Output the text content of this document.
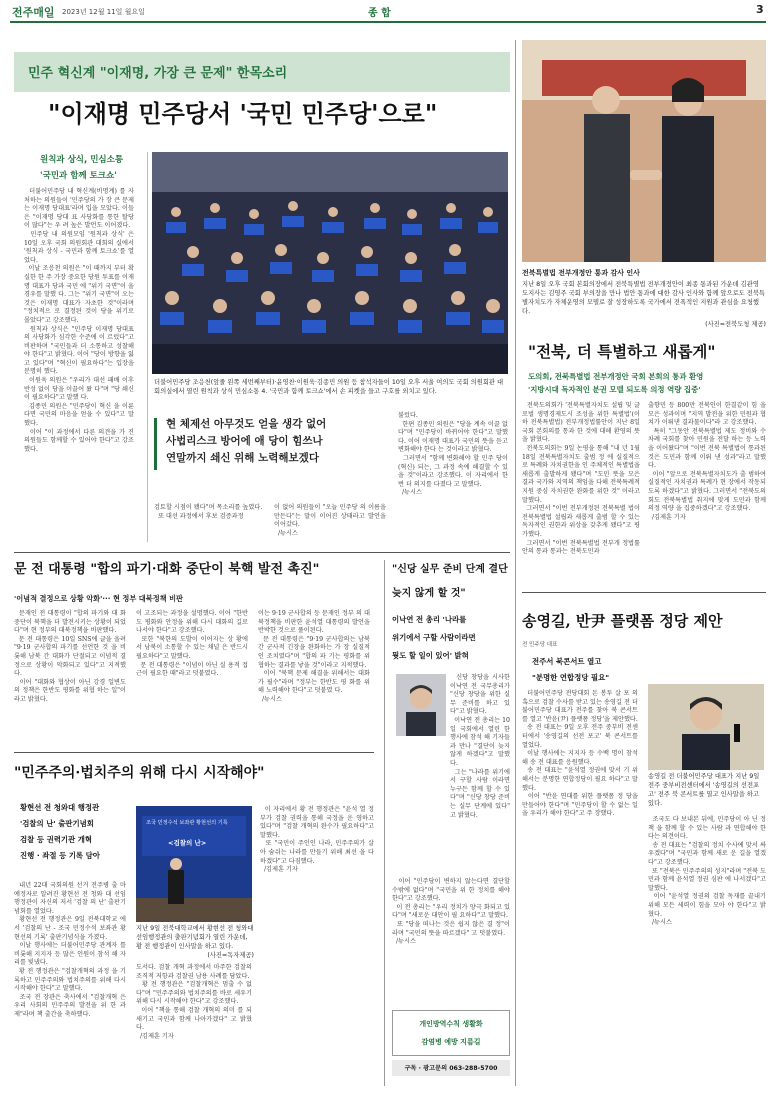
전주매일 2023년 12월 11일 월요일	종 합	3
민주 혁신계 "이재명, 가장 큰 문제" 한목소리
"이재명 민주당서 '국민 민주당'으로"
원칙과 상식, 민심소통
'국민과 함께 토크쇼'
더불어민주당 내 혁신계(비명계) 를 자처하는 의원들이 '민주당의 가 장 큰 문제는 이재명 당대표'라며 입을 모았다. 이들은 "이재명 당대 표 사당화를 통한 탈당이 많다"는 우 려 높은 발언도 이어졌다.
민주당 내 의원모임 '원칙과 상식' 은 10일 오후 국회 의원회관 대회의 실에서 '원칙과 상식 - 국민과 함께 토크쇼'를 열었다.
이날 조응천 의원은 "이 때까지 부터 확실한 한 주 가장 중요한 당원 투표를 이재명 대표가 당과 국민 에 "위기 국면"이 올 경우를 말했 다. 그는 "위기 국면"이 오는 것은 이재명 대표가 자초한 것"이라며 "정치적으 로 결정된 것이 당을 위기로 몰았다"고 강조했다.
원칙과 상식은 "민주당 이재명 당대표의 사당화가 심각한 수준에 이 르렀다"고 비판하며 "국민들과 더 소통하고 성찰해야 한다"고 밝혔다. 이어 "당이 방향을 잃고 있다"며 "혁신이 필요하다"는 입장을 분명히 했다.
이원욱 의원은 "우리가 대선 패배 이후 반성 없이 당을 이끌어 왔 다"며 "당 쇄신이 필요하다"고 말했 다.
김종민 의원은 "민주당이 혁신 을 이룬다면 국민의 마음을 얻을 수 있다"고 말했다.
이어 "이 과정에서 다른 의견을 가 진 의원들도 함께할 수 있어야 한다"고 강조했다.
더불어민주당 조응천(앞줄 왼쪽 세번째부터)·윤영찬·이원욱·김종민 의원 등 참석자들이 10일 오후 서울 여의도 국회 의원회관 대회의실에서 열린 원칙과 상식 민심소통 4. '국민과 함께 토크쇼'에서 손 피켓을 들고 구호를 외치고 있다.
현 체제선 아무것도 얻을 생각 없어
사법리스크 방어에 애 당이 힘쓰나
연말까지 쇄신 위해 노력해보겠다
검토할 시점이 됐다"며 목소리를 높였다.
또 대선 과정에서 후보 검증과정
이 없어 의원들이 "오늘 민주당 의 이름을 만든다"는 말이 이어진 상태라고 발언을 이어갔다.
/뉴시스
불렀다.
한편 김종민 의원은 "당을 계속 이끌 없다"며 "민주당이 바뀌어야 한다"고 말했다. 이어 이재명 대표가 국민의 뜻을 듣고 변화해야 한다 는 것이라고 밝혔다.
그러면서 "함께 변화해야 할 민주 당이 (혁신) 되는, 그 과정 속에 해결할 수 있을 것"이라고 강조했다. 이 자리에서 한 번 더 의지를 다졌다 고 말했다.
/뉴시스
전북특별법 전부개정안 통과 감사 인사
지난 8일 오후 국회 본회의장에서 전북특별법 전부개정안이 최종 통과된 가운데 김관영 도지사는 김영주 국회 부의장을 만나 법안 통과에 대한 감사 인사와 함께 앞으로도 전북특별자치도가 자체운영의 모델로 잘 성장하도록 국가에서 전폭적인 지원과 관심을 요청했다.
(사진=전북도청 제공)
"전북, 더 특별하고 새롭게"
도의회, 전북특별법 전부개정안 국회 본회의 통과 환영
'지방시대 독자적인 분권 모델 되도록 의정 역량 집중'
전북도의회가 '전북특별자치도 설립 및 글로벌 생명경제도시 조성을 위한 특별법'(이하 전북특별법) 전부개정법률안이 지난 8일 국회 본회의를 통과 한 것에 대해 환영의 뜻을 밝혔다.
전북도의회는 9일 논평을 통해 "내 년 1월 18일 전북특별자치도 출범 정 에 실질적으로 특례와 자치권한을 인 주체적인 특별법을 새롭게 출발하게 됐다"며 "도민 뜻을 모은 결과 국가와 지역의 책임을 다해 전북특례적 지원 중심 자치권한 완화를 위한 것" 이라고 말했다.
그러면서 "이번 전부개정된 전북특별 법이 전북특별법 설립과 새롭게 출범 할 수 있는 독자적인 권한과 위상을 갖추게 됐다"고 평가했다.
그러면서 "이번 전북특별법 전부개 정법률안의 통과 통과는 전북도민과
출향민 등 800만 전북인이 한결같이 힘 을 모은 성과이며 "지역 발전을 위한 민원과 협치가 이뤄낸 결과물이다"라 고 강조했다.
특히 "그동안 전북특별법 제도 정비와 수차례 국회를 찾아 민원을 전달 하는 등 노력을 이어왔다"며 "이번 전북 특별법이 통과된 것은 도민과 함께 이뤄 낸 성과"라고 말했다.
이어 "앞으로 전북특별자치도가 출 범하여 실질적인 자치권과 특례가 현 장에서 작동되도록 하겠다"고 밝혔다. 그러면서 "전북도의회도 전북특별법 취지에 맞게 도민과 함께 의정 역량 을 집중하겠다"고 강조했다.
/김제훈 기자
문 전 대통령 "합의 파기·대화 중단이 북핵 발전 촉진"
'이념적 결정으로 상황 악화'··· 현 정부 대북정책 비판
문재인 전 대통령이 "합의 파기와 대 화 중단이 북핵을 더 발전시키는 상황이 되었다"며 현 정부의 대북정책을 비판했다.
문 전 대통령은 10일 SNS에 글을 올려 "9·19 군사합의 파기를 선언한 것 을 비롯해 남북 간 대화가 단절되고 이념적 결정으로 상황이 악화되고 있다"고 지적했다.
이어 "대화와 협상이 아닌 강경 일변도의 정책은 한반도 평화를 위협 하는 일"이라고 밝혔다.
이 고조되는 과정을 설명했다. 이어 "한반도 평화와 안정을 위해 다시 대화의 길로 나서야 한다"고 강조했다.
또한 "북한의 도발이 이어지는 상 황에서 남북이 소통할 수 있는 채널 은 반드시 필요하다"고 말했다.
문 전 대통령은 "이념이 아닌 실 용적 접근이 필요한 때"라고 덧붙였다.
이는 9·19 군사합의 등 문재인 정부 의 대북정책을 비판한 윤석열 대통령의 발언을 반박한 것으로 풀이된다.
문 전 대통령은 "9·19 군사합의는 남북 간 군사적 긴장을 완화하는 가 장 실질적인 조치였다"며 "합의 파 기는 평화를 위협하는 결과를 낳을 것"이라고 지적했다.
이어 "북핵 문제 해결을 위해서는 대화가 필수"라며 "정부는 한반도 평 화를 위해 노력해야 한다"고 덧붙였 다.
/뉴시스
"민주주의·법치주의 위해 다시 시작해야"
황현선 전 청와대 행정관
'검찰의 난' 출판기념회
검찰 등 권력기관 개혁
진행 · 좌절 등 기록 담아
내년 22대 국회의원 선거 전주병 출 마 예정자로 알려진 황현선 전 청와 대 선임행정관이 자신의 저서 '검찰 의 난' 출판기념회를 열었다.
황현선 전 행정관은 9일 전북대학교 에서 '검찰의 난 - 조국 민정수석 보좌관 황현선의 기록' 출판기념식을 가졌다.
이날 행사에는 더불어민주당 관계자 를 비롯해 지지자 등 많은 인원이 참석 해 자리를 빛냈다.
황 전 행정관은 "검찰개혁의 과정 을 기록하고 민주주의와 법치주의를 위해 다시 시작해야 한다"고 말했다.
조국 전 장관은 축사에서 "검찰개혁 은 우리 사회의 민주주의 발전을 위 한 과제"라며 책 출간을 축하했다.
조국 민정수석 보좌관 황현선의 기록
<검찰의 난>
지난 9일 전북대학교에서 황현선 전 청와대 선임행정관의 출판기념회가 열린 가운데, 황 전 행정관이 인사말을 하고 있다.
(사진=독자제공)
도서다. 검찰 개혁 과정에서 마주한 검찰의 조직적 저항과 검찰권 남용 사례를 담았다.
황 전 행정관은 "검찰개혁은 멈출 수 없다"며 "민주주의와 법치주의를 바로 세우기 위해 다시 시작해야 한다"고 강조했다.
이어 "책을 통해 검찰 개혁의 의미 를 되새기고 국민과 함께 나아가겠다" 고 밝혔다.
/김제훈 기자
이 자리에서 황 전 행정관은 "윤석 열 정부가 검찰 권력을 통해 국정을 운 영하고 있다"며 "검찰 개혁의 완수가 필요하다"고 말했다.
또 "국민이 주인인 나라, 민주주의가 살아 숨쉬는 나라를 만들기 위해 최선 을 다하겠다"고 다짐했다.
/김제훈 기자
"신당 실무 준비 단계 결단 늦지 않게 할 것"
이낙연 전 총리 '나라를
위기에서 구할 사람이라면
뭣도 할 일이 있어' 밝혀
신당 창당을 시사한 이낙연 전 국무총리가 "신당 창당을 위한 실무 준비를 하고 있다"고 밝혔다.
이낙연 전 총리는 10일 국회에서 열린 한 행사에 참석 해 기자들과 만나 "결단이 늦지 않게 하겠다"고 말했다.
그는 "나라를 위기에서 구할 사람 이라면 누구든 함께 할 수 있다"며 "신당 창당 준비는 실무 단계에 있다" 고 밝혔다.
이어 "민주당이 변하지 않는다면 결단할 수밖에 없다"며 "국민을 위 한 정치를 해야 한다"고 강조했다.
이 전 총리는 "우리 정치가 양극 화되고 있다"며 "새로운 대안이 필 요하다"고 말했다.
또 "당을 떠나는 것은 쉽지 않은 결 정"이라며 "국민의 뜻을 따르겠다" 고 덧붙였다.
/뉴시스
개인방역수칙 생활화
감염병 예방 지름길
구독 · 광고문의 063-288-5700
송영길, 반尹 플랫폼 정당 제안
전 민주당 대표
전주서 북콘서트 열고
"분명한 연합정당 필요"
더불어민주당 전당대회 돈 봉투 살 포 의혹으로 검찰 수사를 받고 있는 송영길 전 더불어민주당 대표가 전주를 찾아 북 콘서트를 열고 '반윤(尹) 플랫폼 정당'을 제안했다.
송 전 대표는 9일 오후 전주 중부비 전센터에서 '송영길의 선전 포고' 북 콘서트를 열었다.
이날 행사에는 지지자 등 수백 명이 참석해 송 전 대표를 응원했다.
송 전 대표는 "윤석열 정권에 맞서 기 위해서는 분명한 연합정당이 필요 하다"고 말했다.
이어 "반윤 연대를 위한 플랫폼 정 당을 만들어야 한다"며 "민주당이 할 수 없는 일을 우리가 해야 한다"고 주 장했다.
송영길 전 더불어민주당 대표가 지난 9일 전주 중부비전센터에서 '송영길의 선전포고' 전주 북 콘서트를 열고 인사말을 하고 있다.
조국도 다 보내본 뒤에, 민주당이 아 닌 정책 을 함께 할 수 있는 사람 과 연합해야 한다는 의견이다.
송 전 대표는 "검찰의 정치 수사에 맞서 싸우겠다"며 "국민과 함께 새로 운 길을 열겠다"고 강조했다.
또 "전북은 민주주의의 성지"라며 "전북 도민과 함께 윤석열 정권 심판 에 나서겠다"고 말했다.
이어 "윤석열 정권의 검찰 독재를 끝내기 위해 모든 세력이 힘을 모아 야 한다"고 밝혔다.
/뉴시스
